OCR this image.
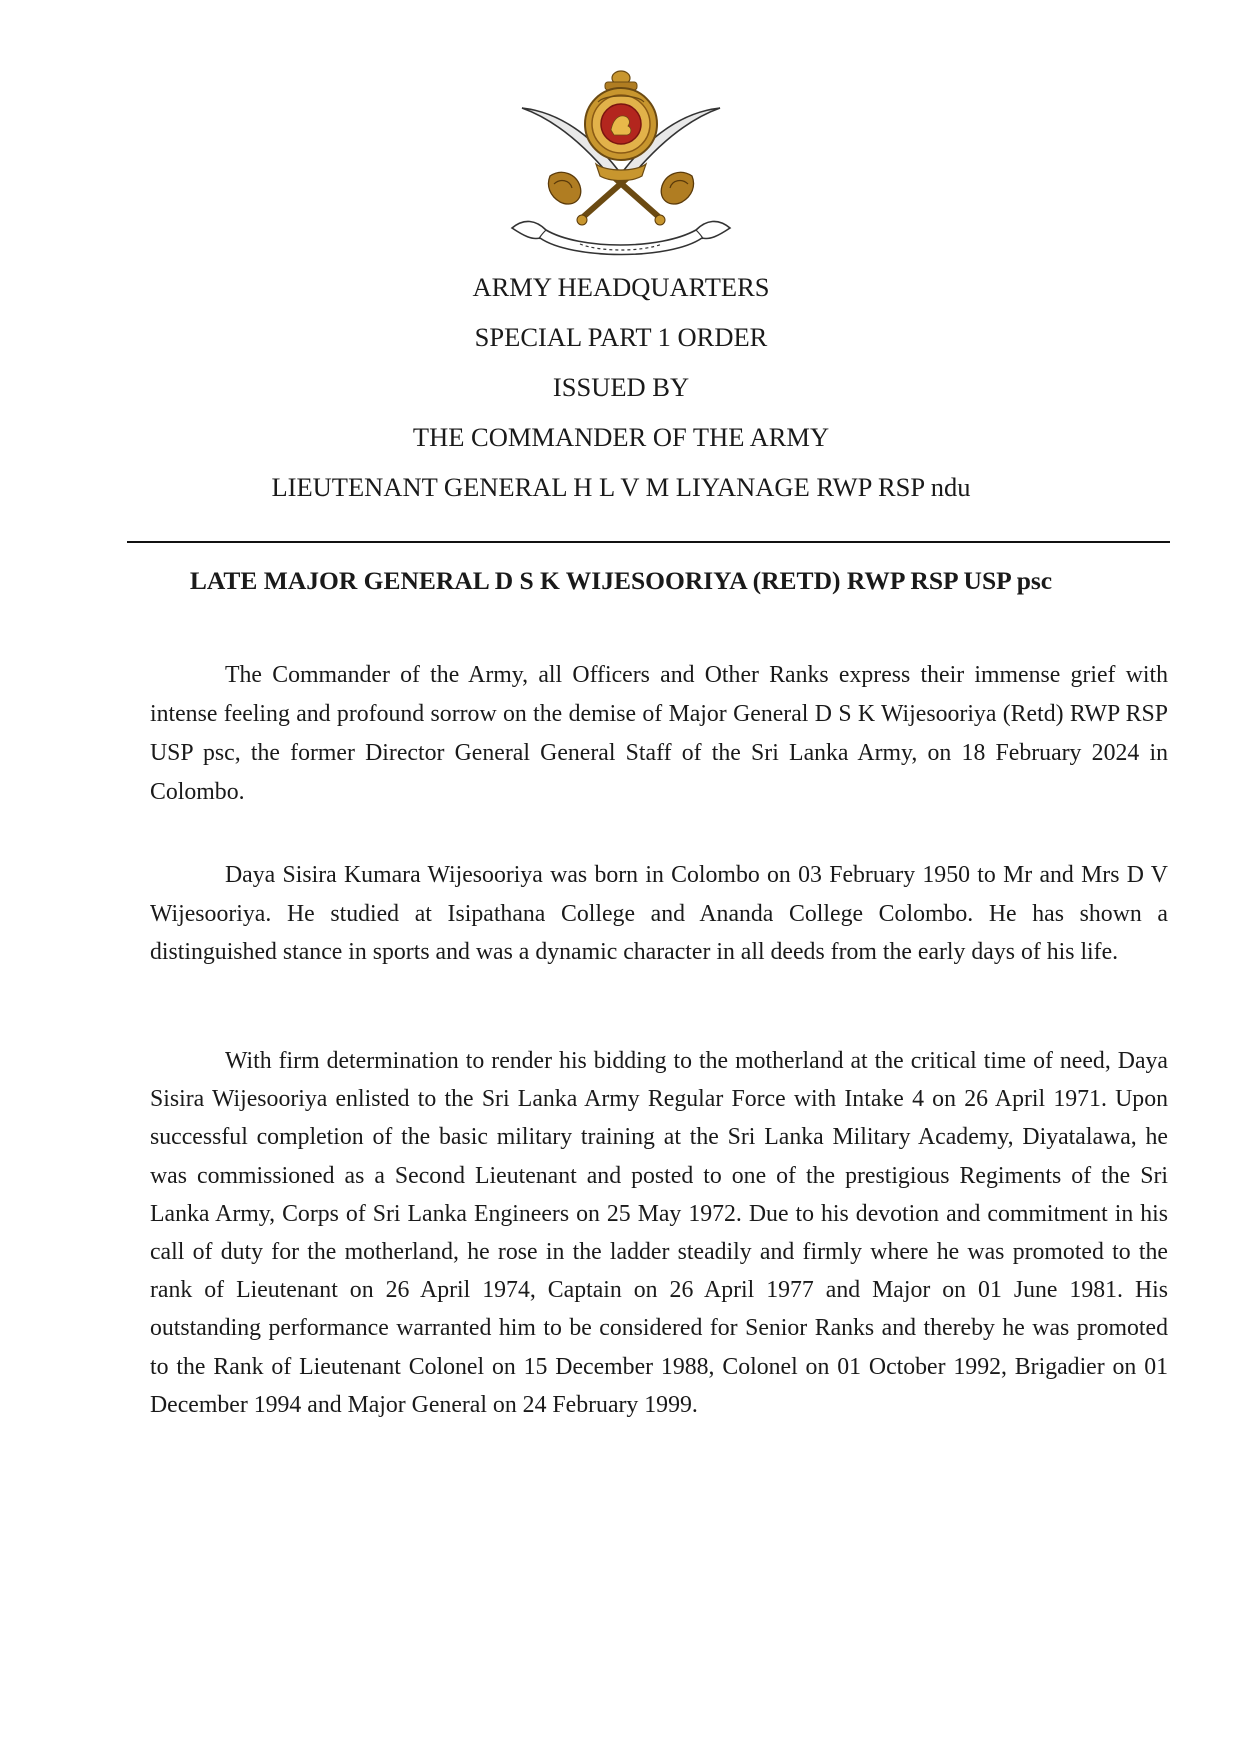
ARMY HEADQUARTERS
SPECIAL PART 1 ORDER
ISSUED BY
THE COMMANDER OF THE ARMY
LIEUTENANT GENERAL H L V M LIYANAGE RWP RSP ndu
LATE MAJOR GENERAL D S K WIJESOORIYA (RETD) RWP RSP USP psc

The Commander of the Army, all Officers and Other Ranks express their immense grief with intense feeling and profound sorrow on the demise of Major General D S K Wijesooriya (Retd) RWP RSP USP psc, the former Director General General Staff of the Sri Lanka Army, on 18 February 2024 in Colombo.

Daya Sisira Kumara Wijesooriya was born in Colombo on 03 February 1950 to Mr and Mrs D V Wijesooriya. He studied at Isipathana College and Ananda College Colombo. He has shown a distinguished stance in sports and was a dynamic character in all deeds from the early days of his life.

With firm determination to render his bidding to the motherland at the critical time of need, Daya Sisira Wijesooriya enlisted to the Sri Lanka Army Regular Force with Intake 4 on 26 April 1971. Upon successful completion of the basic military training at the Sri Lanka Military Academy, Diyatalawa, he was commissioned as a Second Lieutenant and posted to one of the prestigious Regiments of the Sri Lanka Army, Corps of Sri Lanka Engineers on 25 May 1972. Due to his devotion and commitment in his call of duty for the motherland, he rose in the ladder steadily and firmly where he was promoted to the rank of Lieutenant on 26 April 1974, Captain on 26 April 1977 and Major on 01 June 1981. His outstanding performance warranted him to be considered for Senior Ranks and thereby he was promoted to the Rank of Lieutenant Colonel on 15 December 1988, Colonel on 01 October 1992, Brigadier on 01 December 1994 and Major General on 24 February 1999.
